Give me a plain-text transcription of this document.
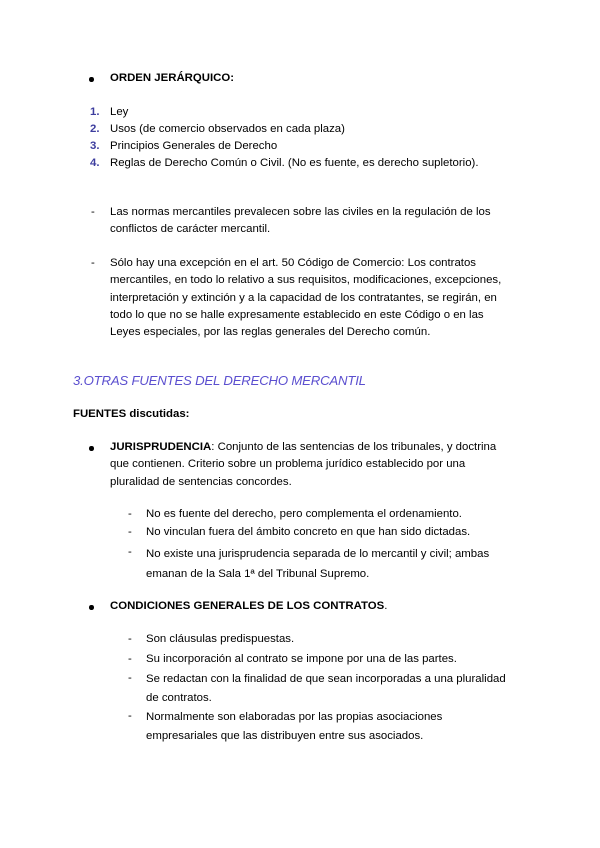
ORDEN JERÁRQUICO:
1. Ley
2. Usos (de comercio observados en cada plaza)
3. Principios Generales de Derecho
4. Reglas de Derecho Común o Civil. (No es fuente, es derecho supletorio).
- Las normas mercantiles prevalecen sobre las civiles en la regulación de los

conflictos de carácter mercantil.

- Sólo hay una excepción en el art. 50 Código de Comercio: Los contratos

mercantiles, en todo lo relativo a sus requisitos, modificaciones, excepciones,

interpretación y extinción y a la capacidad de los contratantes, se regirán, en

todo lo que no se halle expresamente establecido en este Código o en las

Leyes especiales, por las reglas generales del Derecho común.

3.OTRAS FUENTES DEL DERECHO MERCANTIL
FUENTES discutidas:

JURISPRUDENCIA: Conjunto de las sentencias de los tribunales, y doctrina

que contienen. Criterio sobre un problema jurídico establecido por una

pluralidad de sentencias concordes.

- No es fuente del derecho, pero complementa el ordenamiento.

- No vinculan fuera del ámbito concreto en que han sido dictadas.

- No existe una jurisprudencia separada de lo mercantil y civil; ambas

emanan de la Sala 1ª del Tribunal Supremo.

CONDICIONES GENERALES DE LOS CONTRATOS.

- Son cláusulas predispuestas.

- Su incorporación al contrato se impone por una de las partes.

- Se redactan con la finalidad de que sean incorporadas a una pluralidad

de contratos.

- Normalmente son elaboradas por las propias asociaciones

empresariales que las distribuyen entre sus asociados.
